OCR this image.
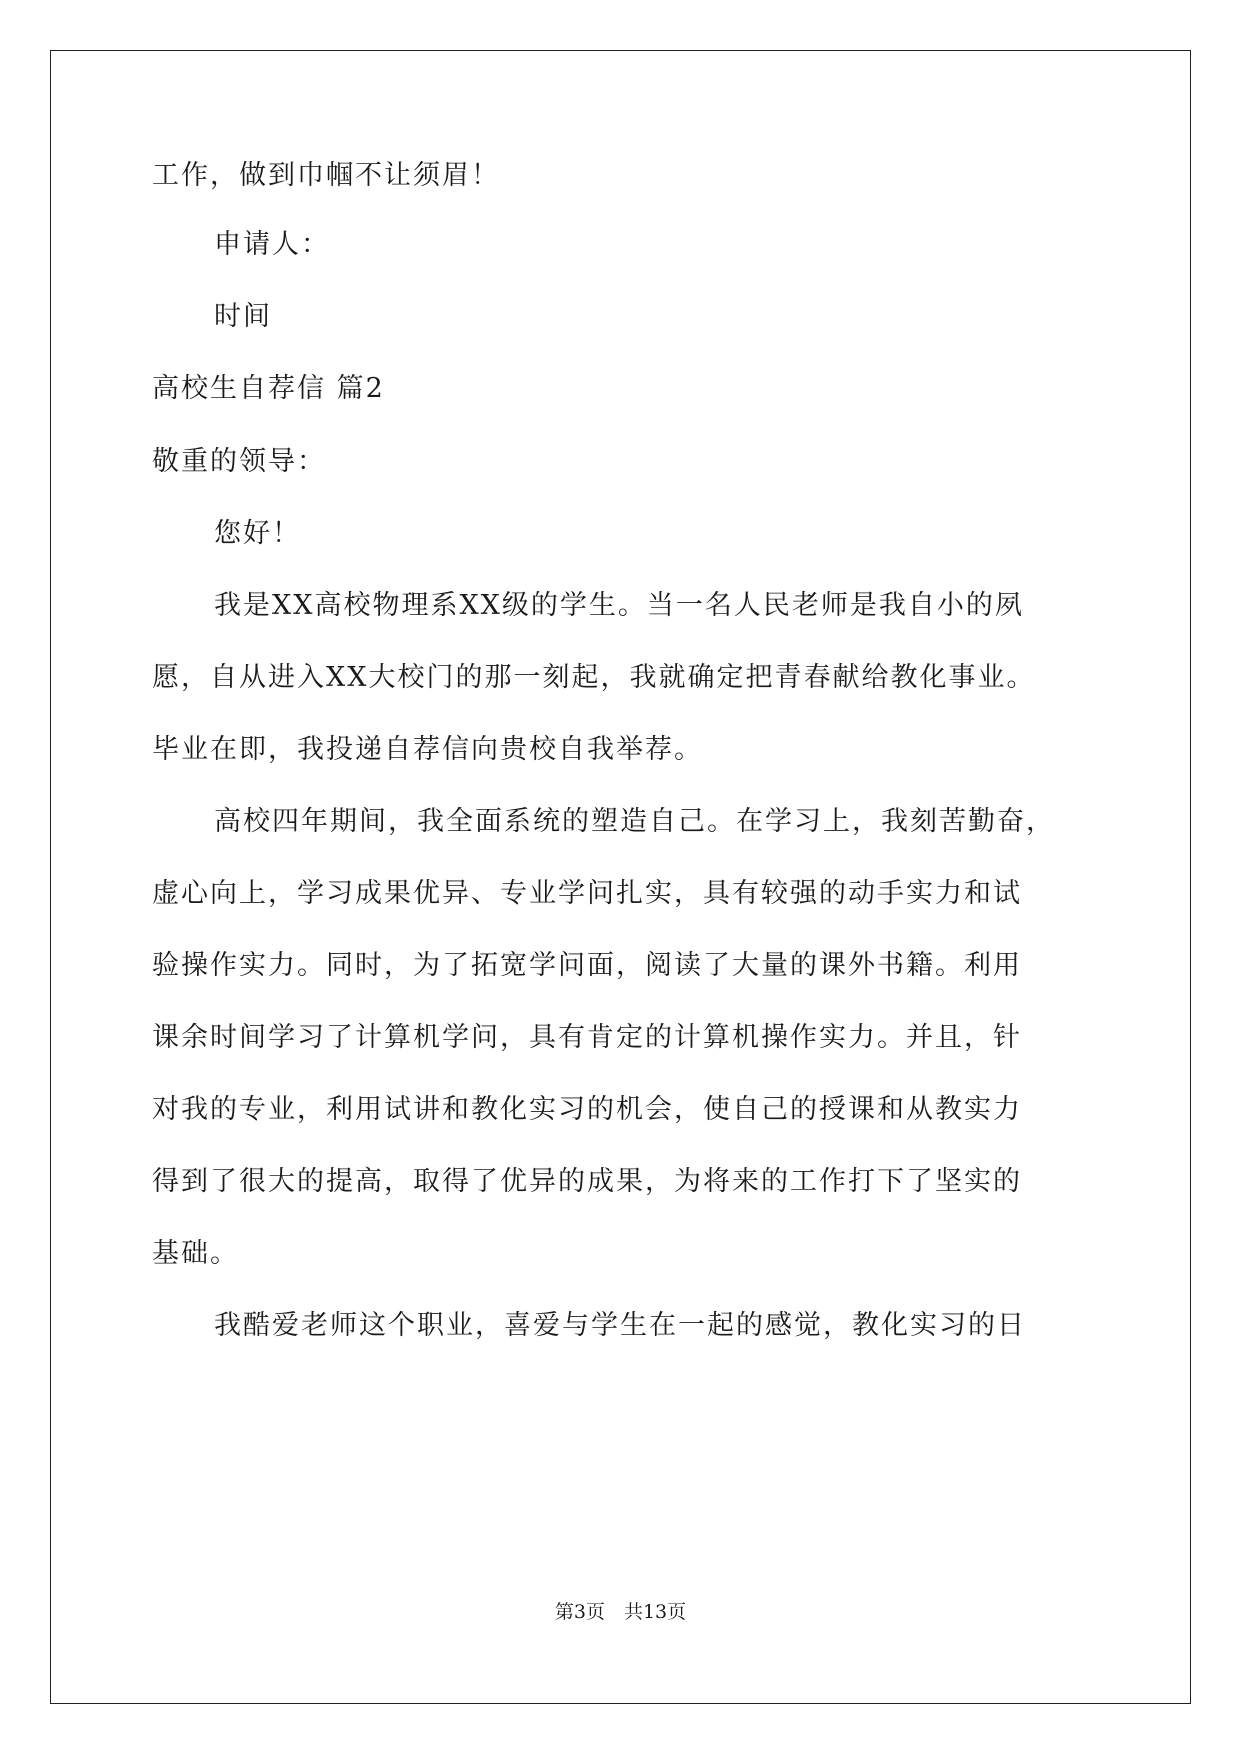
工作，做到巾帼不让须眉！
申请人：
时间
高校生自荐信 篇2
敬重的领导：
您好！
我是XX高校物理系XX级的学生。当一名人民老师是我自小的夙
愿，自从进入XX大校门的那一刻起，我就确定把青春献给教化事业。
毕业在即，我投递自荐信向贵校自我举荐。
高校四年期间，我全面系统的塑造自己。在学习上，我刻苦勤奋，
虚心向上，学习成果优异、专业学问扎实，具有较强的动手实力和试
验操作实力。同时，为了拓宽学问面，阅读了大量的课外书籍。利用
课余时间学习了计算机学问，具有肯定的计算机操作实力。并且，针
对我的专业，利用试讲和教化实习的机会，使自己的授课和从教实力
得到了很大的提高，取得了优异的成果，为将来的工作打下了坚实的
基础。
我酷爱老师这个职业，喜爱与学生在一起的感觉，教化实习的日
第3页　共13页
